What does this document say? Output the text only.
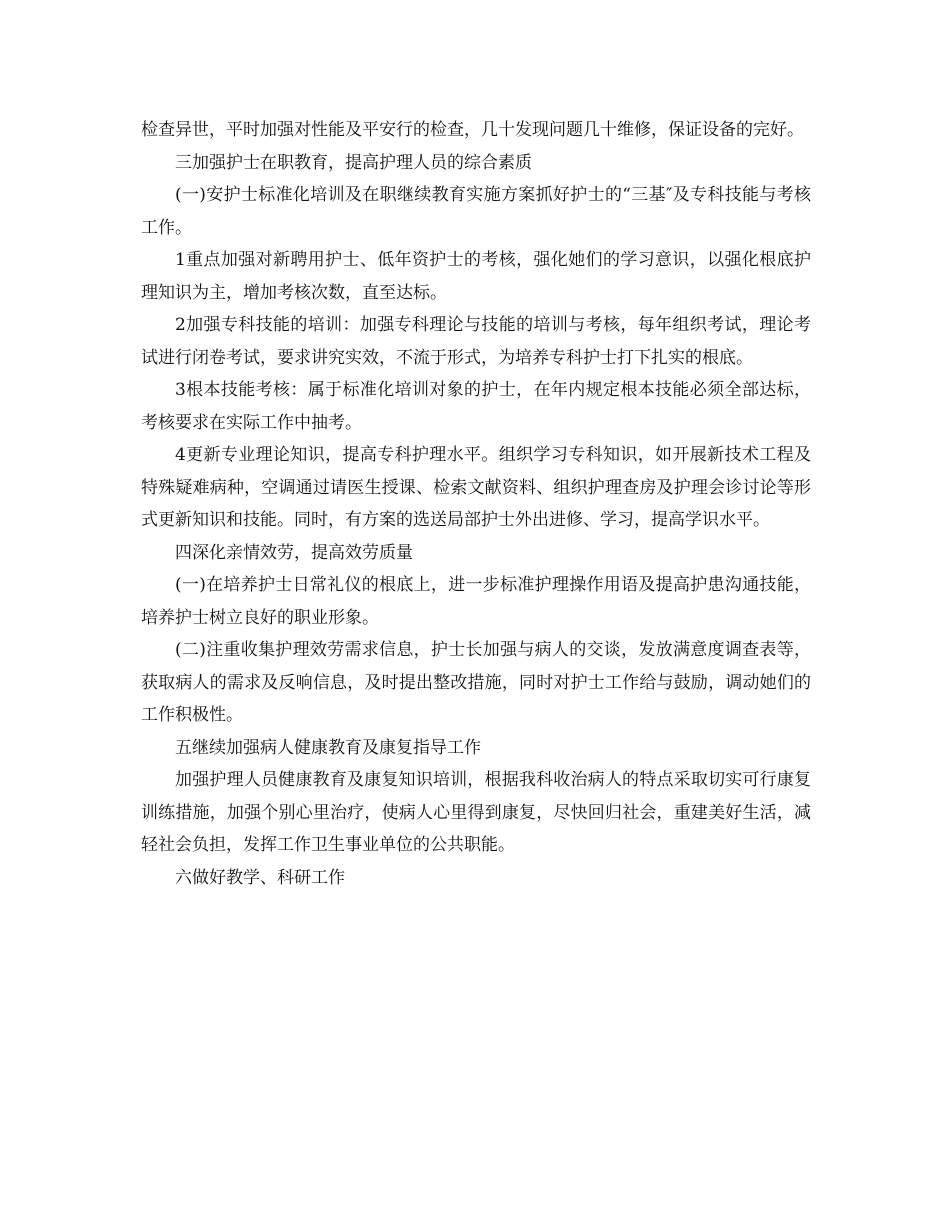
检查异世，平时加强对性能及平安行的检查，几十发现问题几十维修，保证设备的完好。

三加强护士在职教育，提高护理人员的综合素质

(一)安护士标准化培训及在职继续教育实施方案抓好护士的“三基″及专科技能与考核工作。

1重点加强对新聘用护士、低年资护士的考核，强化她们的学习意识，以强化根底护理知识为主，增加考核次数，直至达标。

2加强专科技能的培训：加强专科理论与技能的培训与考核，每年组织考试，理论考试进行闭卷考试，要求讲究实效，不流于形式，为培养专科护士打下扎实的根底。

3根本技能考核：属于标准化培训对象的护士，在年内规定根本技能必须全部达标，考核要求在实际工作中抽考。

4更新专业理论知识，提高专科护理水平。组织学习专科知识，如开展新技术工程及特殊疑难病种，空调通过请医生授课、检索文献资料、组织护理查房及护理会诊讨论等形式更新知识和技能。同时，有方案的选送局部护士外出进修、学习，提高学识水平。

四深化亲情效劳，提高效劳质量

(一)在培养护士日常礼仪的根底上，进一步标准护理操作用语及提高护患沟通技能，培养护士树立良好的职业形象。

(二)注重收集护理效劳需求信息，护士长加强与病人的交谈，发放满意度调查表等，获取病人的需求及反响信息，及时提出整改措施，同时对护士工作给与鼓励，调动她们的工作积极性。

五继续加强病人健康教育及康复指导工作

加强护理人员健康教育及康复知识培训，根据我科收治病人的特点采取切实可行康复训练措施，加强个别心里治疗，使病人心里得到康复，尽快回归社会，重建美好生活，减轻社会负担，发挥工作卫生事业单位的公共职能。

六做好教学、科研工作
